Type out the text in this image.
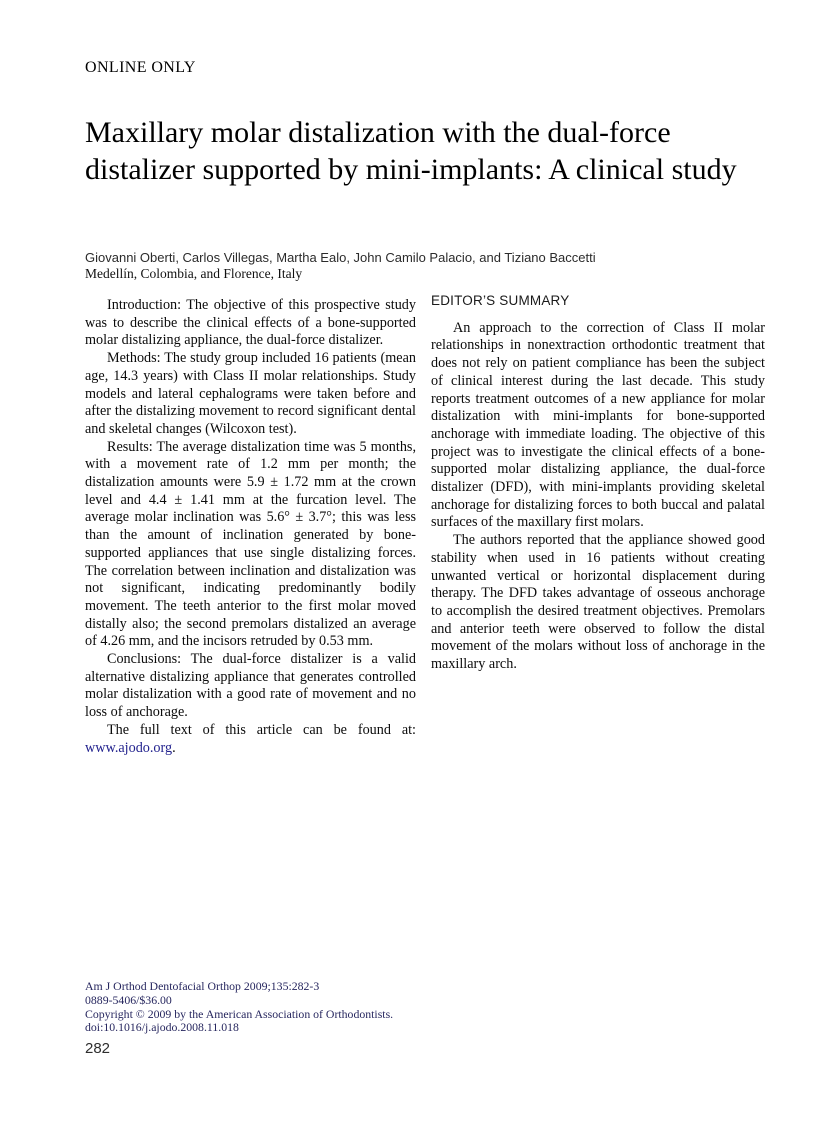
ONLINE ONLY
Maxillary molar distalization with the dual-force distalizer supported by mini-implants: A clinical study
Giovanni Oberti, Carlos Villegas, Martha Ealo, John Camilo Palacio, and Tiziano Baccetti
Medellín, Colombia, and Florence, Italy

Introduction: The objective of this prospective study was to describe the clinical effects of a bone-supported molar distalizing appliance, the dual-force distalizer.

Methods: The study group included 16 patients (mean age, 14.3 years) with Class II molar relationships. Study models and lateral cephalograms were taken before and after the distalizing movement to record significant dental and skeletal changes (Wilcoxon test).

Results: The average distalization time was 5 months, with a movement rate of 1.2 mm per month; the distalization amounts were 5.9 ± 1.72 mm at the crown level and 4.4 ± 1.41 mm at the furcation level. The average molar inclination was 5.6° ± 3.7°; this was less than the amount of inclination generated by bone-supported appliances that use single distalizing forces. The correlation between inclination and distalization was not significant, indicating predominantly bodily movement. The teeth anterior to the first molar moved distally also; the second premolars distalized an average of 4.26 mm, and the incisors retruded by 0.53 mm.

Conclusions: The dual-force distalizer is a valid alternative distalizing appliance that generates controlled molar distalization with a good rate of movement and no loss of anchorage.

The full text of this article can be found at: www.ajodo.org.

EDITOR’S SUMMARY

An approach to the correction of Class II molar relationships in nonextraction orthodontic treatment that does not rely on patient compliance has been the subject of clinical interest during the last decade. This study reports treatment outcomes of a new appliance for molar distalization with mini-implants for bone-supported anchorage with immediate loading. The objective of this project was to investigate the clinical effects of a bone-supported molar distalizing appliance, the dual-force distalizer (DFD), with mini-implants providing skeletal anchorage for distalizing forces to both buccal and palatal surfaces of the maxillary first molars.

The authors reported that the appliance showed good stability when used in 16 patients without creating unwanted vertical or horizontal displacement during therapy. The DFD takes advantage of osseous anchorage to accomplish the desired treatment objectives. Premolars and anterior teeth were observed to follow the distal movement of the molars without loss of anchorage in the maxillary arch.

Am J Orthod Dentofacial Orthop 2009;135:282-3
0889-5406/$36.00
Copyright © 2009 by the American Association of Orthodontists.
doi:10.1016/j.ajodo.2008.11.018
282
